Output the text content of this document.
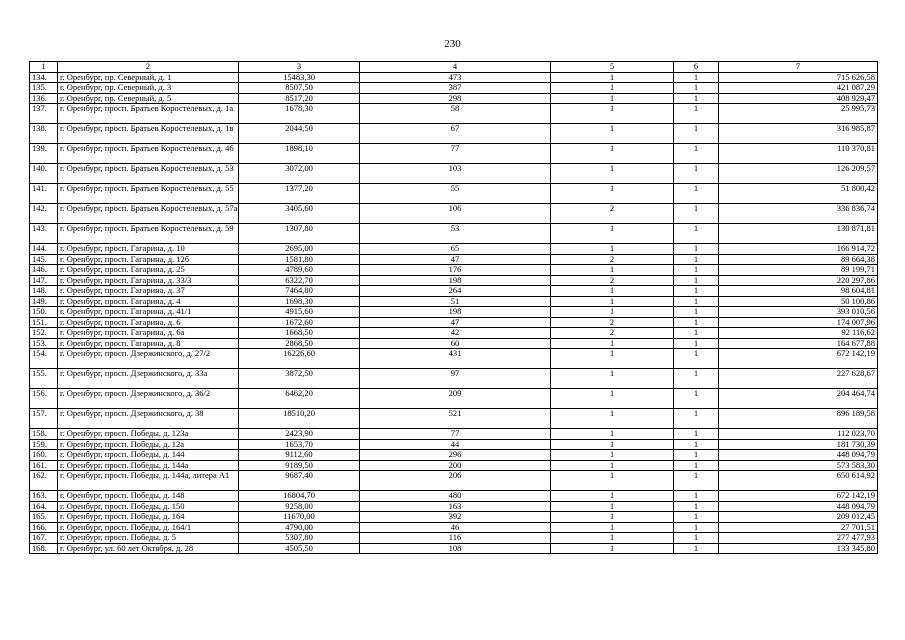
230
1	2	3	4	5	6	7
134.	г. Оренбург, пр. Северный, д. 1	15483,30	473	1	1	715 626,58
135.	г. Оренбург, пр. Северный, д. 3	8507,50	387	1	1	421 087,29
136.	г. Оренбург, пр. Северный, д. 5	8517,20	298	1	1	408 929,47
137.	г. Оренбург, просп. Братьев Коростелевых, д. 1а	1678,30	58	1	1	25 995,73
138.	г. Оренбург, просп. Братьев Коростелевых, д. 1в	2044,50	67	1	1	316 985,87
139.	г. Оренбург, просп. Братьев Коростелевых, д. 46	1898,10	77	1	1	110 370,81
140.	г. Оренбург, просп. Братьев Коростелевых, д. 53	3072,00	103	1	1	126 209,57
141.	г. Оренбург, просп. Братьев Коростелевых, д. 55	1377,20	55	1	1	51 800,42
142.	г. Оренбург, просп. Братьев Коростелевых, д. 57а	3405,60	106	2	1	336 836,74
143.	г. Оренбург, просп. Братьев Коростелевых, д. 59	1307,80	53	1	1	130 871,81
144.	г. Оренбург, просп. Гагарина, д. 10	2695,00	65	1	1	166 914,72
145.	г. Оренбург, просп. Гагарина, д. 12б	1581,80	47	2	1	89 664,38
146.	г. Оренбург, просп. Гагарина, д. 25	4789,60	176	1	1	89 199,71
147.	г. Оренбург, просп. Гагарина, д. 33/3	6322,70	198	2	1	220 297,86
148.	г. Оренбург, просп. Гагарина, д. 37	7464,80	264	1	1	98 604,81
149.	г. Оренбург, просп. Гагарина, д. 4	1698,30	51	1	1	50 100,86
150.	г. Оренбург, просп. Гагарина, д. 41/1	4915,60	198	1	1	393 010,56
151.	г. Оренбург, просп. Гагарина, д. 6	1672,60	47	2	1	174 007,96
152.	г. Оренбург, просп. Гагарина, д. 6а	1668,50	42	2	1	92 116,62
153.	г. Оренбург, просп. Гагарина, д. 8	2868,50	60	1	1	164 677,88
154.	г. Оренбург, просп. Дзержинского, д. 27/2	16226,60	431	1	1	672 142,19
155.	г. Оренбург, просп. Дзержинского, д. 33а	3872,50	97	1	1	227 628,67
156.	г. Оренбург, просп. Дзержинского, д. 36/2	6462,20	209	1	1	204 464,74
157.	г. Оренбург, просп. Дзержинского, д. 38	18510,20	521	1	1	896 189,58
158.	г. Оренбург, просп. Победы, д. 123а	2423,90	77	1	1	112 023,70
159.	г. Оренбург, просп. Победы, д. 12а	1653,70	44	1	1	181 730,39
160.	г. Оренбург, просп. Победы, д. 144	9112,60	296	1	1	448 094,79
161.	г. Оренбург, просп. Победы, д. 144а	9189,50	200	1	1	573 583,30
162.	г. Оренбург, просп. Победы, д. 144а, литера А1	9687,40	206	1	1	650 614,92
163.	г. Оренбург, просп. Победы, д. 148	16804,70	480	1	1	672 142,19
164.	г. Оренбург, просп. Победы, д. 150	9258,00	163	1	1	448 094,79
165.	г. Оренбург, просп. Победы, д. 164	11670,00	392	1	1	209 012,45
166.	г. Оренбург, просп. Победы, д. 164/1	4790,00	46	1	1	27 701,51
167.	г. Оренбург, просп. Победы, д. 5	5307,80	116	1	1	277 477,93
168.	г. Оренбург, ул. 60 лет Октября, д. 28	4505,50	108	1	1	133 345,80
